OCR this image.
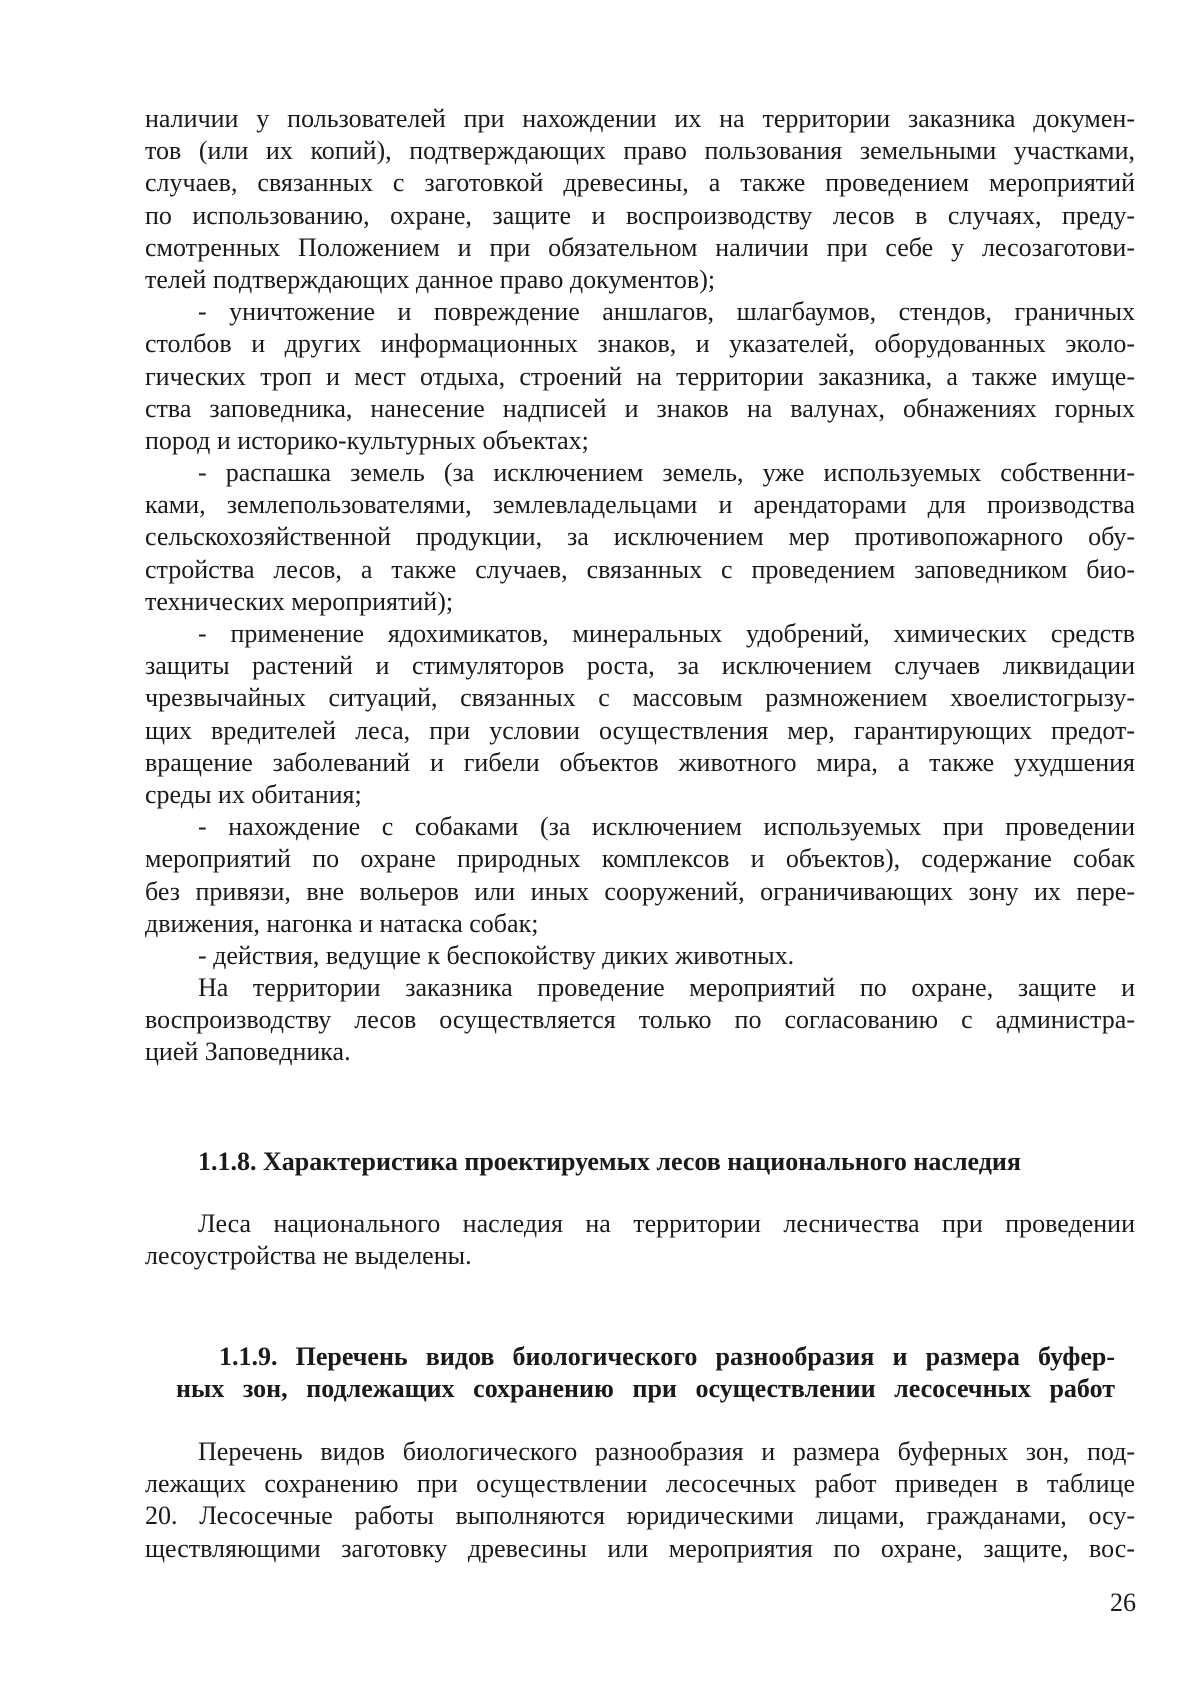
наличии у пользователей при нахождении их на территории заказника докумен-
тов (или их копий), подтверждающих право пользования земельными участками,
случаев, связанных с заготовкой древесины, а также проведением мероприятий
по использованию, охране, защите и воспроизводству лесов в случаях, преду-
смотренных Положением и при обязательном наличии при себе у лесозаготови-
телей подтверждающих данное право документов);
- уничтожение и повреждение аншлагов, шлагбаумов, стендов, граничных
столбов и других информационных знаков, и указателей, оборудованных эколо-
гических троп и мест отдыха, строений на территории заказника, а также имуще-
ства заповедника, нанесение надписей и знаков на валунах, обнажениях горных
пород и историко-культурных объектах;
- распашка земель (за исключением земель, уже используемых собственни-
ками, землепользователями, землевладельцами и арендаторами для производства
сельскохозяйственной продукции, за исключением мер противопожарного обу-
стройства лесов, а также случаев, связанных с проведением заповедником био-
технических мероприятий);
- применение ядохимикатов, минеральных удобрений, химических средств
защиты растений и стимуляторов роста, за исключением случаев ликвидации
чрезвычайных ситуаций, связанных с массовым размножением хвоелистогрызу-
щих вредителей леса, при условии осуществления мер, гарантирующих предот-
вращение заболеваний и гибели объектов животного мира, а также ухудшения
среды их обитания;
- нахождение с собаками (за исключением используемых при проведении
мероприятий по охране природных комплексов и объектов), содержание собак
без привязи, вне вольеров или иных сооружений, ограничивающих зону их пере-
движения, нагонка и натаска собак;
- действия, ведущие к беспокойству диких животных.
На территории заказника проведение мероприятий по охране, защите и
воспроизводству лесов осуществляется только по согласованию с администра-
цией Заповедника.
1.1.8. Характеристика проектируемых лесов национального наследия
Леса национального наследия на территории лесничества при проведении
лесоустройства не выделены.
1.1.9. Перечень видов биологического разнообразия и размера буфер-
ных зон, подлежащих сохранению при осуществлении лесосечных работ
Перечень видов биологического разнообразия и размера буферных зон, под-
лежащих сохранению при осуществлении лесосечных работ приведен в таблице
20. Лесосечные работы выполняются юридическими лицами, гражданами, осу-
ществляющими заготовку древесины или мероприятия по охране, защите, вос-
26
